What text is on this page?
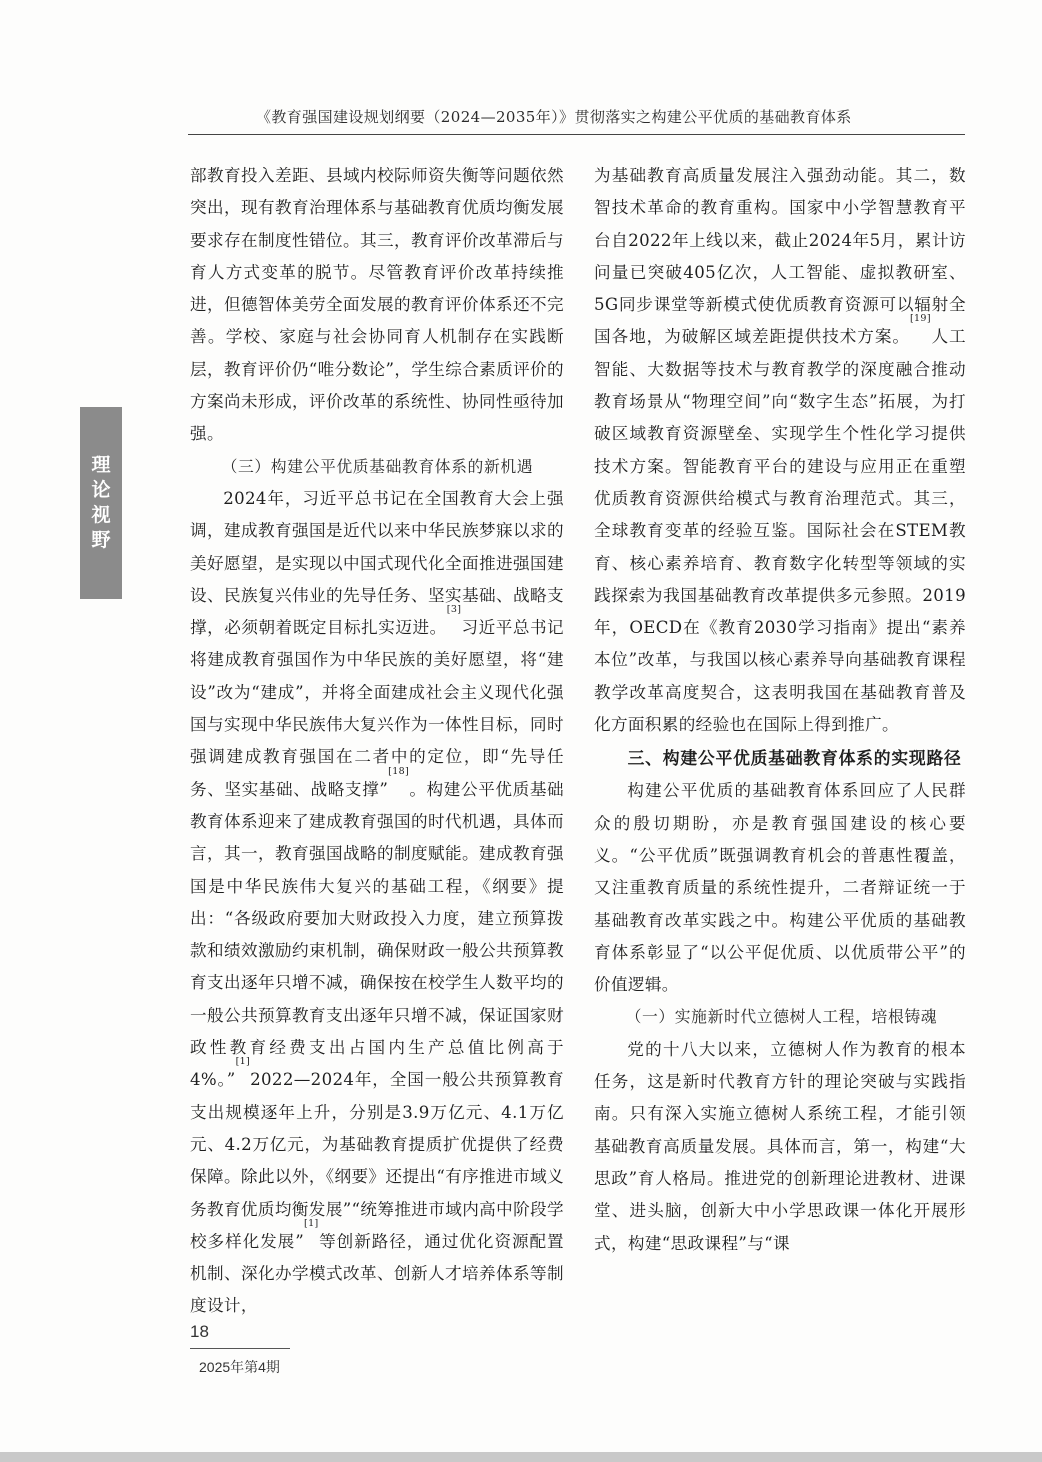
《教育强国建设规划纲要（2024—2035年）》贯彻落实之构建公平优质的基础教育体系
理
论
视
野

部教育投入差距、县域内校际师资失衡等问题依然突出，现有教育治理体系与基础教育优质均衡发展要求存在制度性错位。其三，教育评价改革滞后与育人方式变革的脱节。尽管教育评价改革持续推进，但德智体美劳全面发展的教育评价体系还不完善。学校、家庭与社会协同育人机制存在实践断层，教育评价仍“唯分数论”，学生综合素质评价的方案尚未形成，评价改革的系统性、协同性亟待加强。

（三）构建公平优质基础教育体系的新机遇

2024年，习近平总书记在全国教育大会上强调，建成教育强国是近代以来中华民族梦寐以求的美好愿望，是实现以中国式现代化全面推进强国建设、民族复兴伟业的先导任务、坚实基础、战略支撑，必须朝着既定目标扎实迈进。[3]习近平总书记将建成教育强国作为中华民族的美好愿望，将“建设”改为“建成”，并将全面建成社会主义现代化强国与实现中华民族伟大复兴作为一体性目标，同时强调建成教育强国在二者中的定位，即“先导任务、坚实基础、战略支撑”[18]。构建公平优质基础教育体系迎来了建成教育强国的时代机遇，具体而言，其一，教育强国战略的制度赋能。建成教育强国是中华民族伟大复兴的基础工程，《纲要》提出：“各级政府要加大财政投入力度，建立预算拨款和绩效激励约束机制，确保财政一般公共预算教育支出逐年只增不减，确保按在校学生人数平均的一般公共预算教育支出逐年只增不减，保证国家财政性教育经费支出占国内生产总值比例高于4%。”[1]2022—2024年，全国一般公共预算教育支出规模逐年上升，分别是3.9万亿元、4.1万亿元、4.2万亿元，为基础教育提质扩优提供了经费保障。除此以外，《纲要》还提出“有序推进市域义务教育优质均衡发展”“统筹推进市域内高中阶段学校多样化发展”[1]等创新路径，通过优化资源配置机制、深化办学模式改革、创新人才培养体系等制度设计，

为基础教育高质量发展注入强劲动能。其二，数智技术革命的教育重构。国家中小学智慧教育平台自2022年上线以来，截止2024年5月，累计访问量已突破405亿次，人工智能、虚拟教研室、5G同步课堂等新模式使优质教育资源可以辐射全国各地，为破解区域差距提供技术方案。[19]人工智能、大数据等技术与教育教学的深度融合推动教育场景从“物理空间”向“数字生态”拓展，为打破区域教育资源壁垒、实现学生个性化学习提供技术方案。智能教育平台的建设与应用正在重塑优质教育资源供给模式与教育治理范式。其三，全球教育变革的经验互鉴。国际社会在STEM教育、核心素养培育、教育数字化转型等领域的实践探索为我国基础教育改革提供多元参照。2019年，OECD在《教育2030学习指南》提出“素养本位”改革，与我国以核心素养导向基础教育课程教学改革高度契合，这表明我国在基础教育普及化方面积累的经验也在国际上得到推广。

三、构建公平优质基础教育体系的实现路径

构建公平优质的基础教育体系回应了人民群众的殷切期盼，亦是教育强国建设的核心要义。“公平优质”既强调教育机会的普惠性覆盖，又注重教育质量的系统性提升，二者辩证统一于基础教育改革实践之中。构建公平优质的基础教育体系彰显了“以公平促优质、以优质带公平”的价值逻辑。

（一）实施新时代立德树人工程，培根铸魂

党的十八大以来，立德树人作为教育的根本任务，这是新时代教育方针的理论突破与实践指南。只有深入实施立德树人系统工程，才能引领基础教育高质量发展。具体而言，第一，构建“大思政”育人格局。推进党的创新理论进教材、进课堂、进头脑，创新大中小学思政课一体化开展形式，构建“思政课程”与“课

18
2025年第4期
